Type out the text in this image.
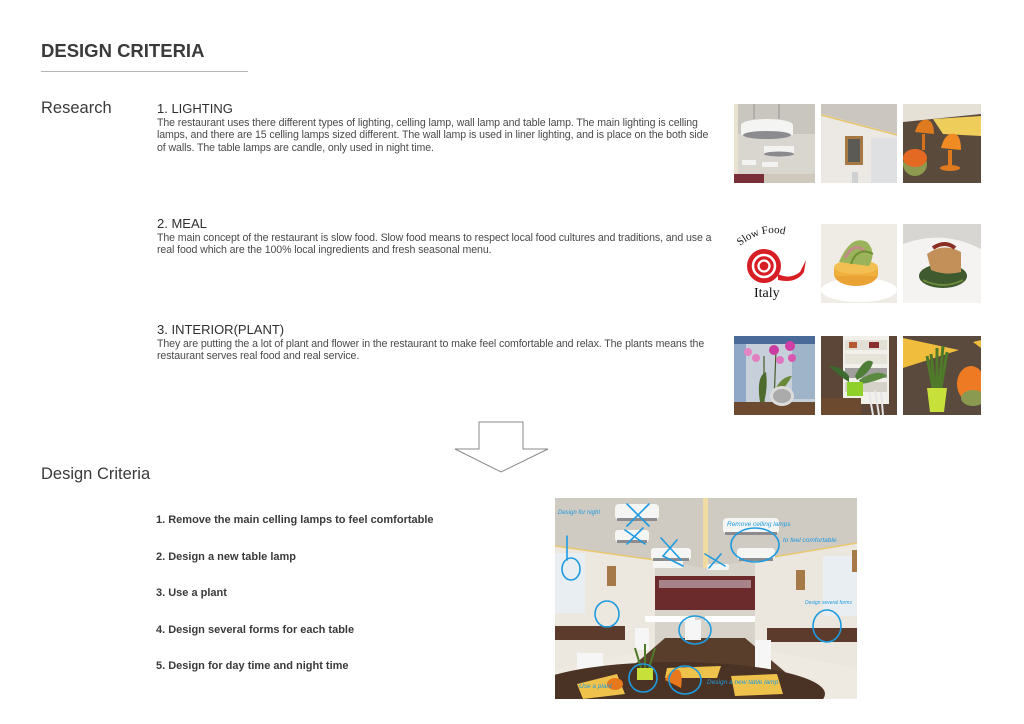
DESIGN CRITERIA
Research	1. LIGHTING

The restaurant uses there different types of lighting, celling lamp, wall lamp and table lamp. The main lighting is celling lamps, and there are 15 celling lamps sized different. The wall lamp is used in liner lighting, and is place on the both side of walls. The table lamps are candle, only used in night time.

2. MEAL

The main concept of the restaurant is slow food. Slow food means to respect local food cultures and traditions, and use a real food which are the 100% local ingredients and fresh seasonal menu.

3. INTERIOR(PLANT)

They are putting the a lot of plant and flower in the restaurant to make feel comfortable and relax. The plants means the restaurant serves real food and real service.

Slow Food
Italy
Design Criteria
1. Remove the main celling lamps to feel comfortable
2. Design a new table lamp
3. Use a plant
4. Design several forms for each table
5. Design for day time and night time
Design for night
Remove celling lamps
to feel comfortable
Use a plant
Design a new table lamp
Design several forms
